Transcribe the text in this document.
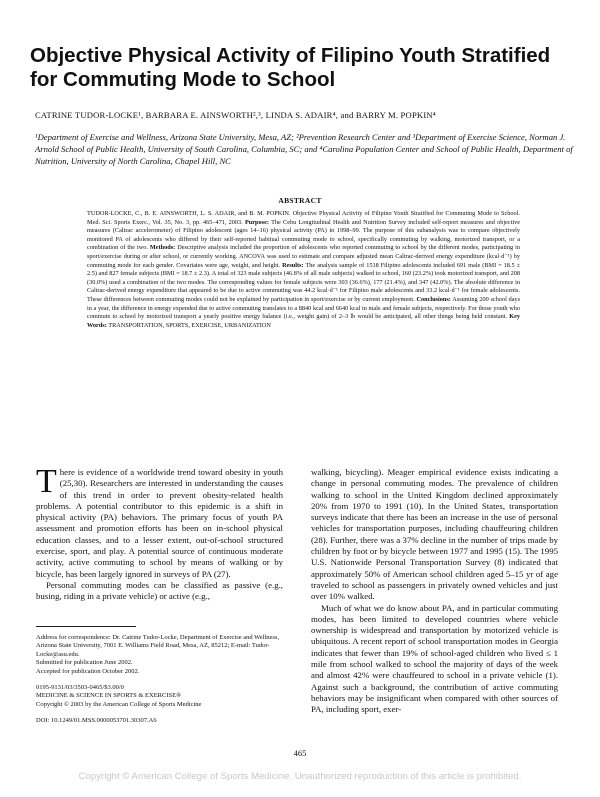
Objective Physical Activity of Filipino Youth Stratified for Commuting Mode to School
CATRINE TUDOR-LOCKE¹, BARBARA E. AINSWORTH²,³, LINDA S. ADAIR⁴, and BARRY M. POPKIN⁴
¹Department of Exercise and Wellness, Arizona State University, Mesa, AZ; ²Prevention Research Center and ³Department of Exercise Science, Norman J. Arnold School of Public Health, University of South Carolina, Columbia, SC; and ⁴Carolina Population Center and School of Public Health, Department of Nutrition, University of North Carolina, Chapel Hill, NC
ABSTRACT
TUDOR-LOCKE, C., B. E. AINSWORTH, L. S. ADAIR, and B. M. POPKIN. Objective Physical Activity of Filipino Youth Stratified for Commuting Mode to School. Med. Sci. Sports Exerc., Vol. 35, No. 3, pp. 465–471, 2003. Purpose: The Cebu Longitudinal Health and Nutrition Survey included self-report measures and objective measures (Caltrac accelerometer) of Filipino adolescent (ages 14–16) physical activity (PA) in 1998–99. The purpose of this subanalysis was to compare objectively monitored PA of adolescents who differed by their self-reported habitual commuting mode to school, specifically commuting by walking, motorized transport, or a combination of the two. Methods: Descriptive analysis included the proportion of adolescents who reported commuting to school by the different modes, participating in sport/exercise during or after school, or currently working. ANCOVA was used to estimate and compare adjusted mean Caltrac-derived energy expenditure (kcal·d⁻¹) by commuting mode for each gender. Covariates were age, weight, and height. Results: The analysis sample of 1518 Filipino adolescents included 691 male (BMI = 18.5 ± 2.5) and 827 female subjects (BMI = 18.7 ± 2.3). A total of 323 male subjects (46.8% of all male subjects) walked to school, 160 (23.2%) took motorized transport, and 208 (30.0%) used a combination of the two modes. The corresponding values for female subjects were 303 (36.6%), 177 (21.4%), and 347 (42.0%). The absolute difference in Caltrac-derived energy expenditure that appeared to be due to active commuting was 44.2 kcal·d⁻¹ for Filipino male adolescents and 33.2 kcal·d⁻¹ for female adolescents. These differences between commuting modes could not be explained by participation in sport/exercise or by current employment. Conclusions: Assuming 200 school days in a year, the difference in energy expended due to active commuting translates to a 8840 kcal and 6640 kcal in male and female subjects, respectively. For those youth who commute to school by motorized transport a yearly positive energy balance (i.e., weight gain) of 2–3 lb would be anticipated, all other things being held constant. Key Words: TRANSPORTATION, SPORTS, EXERCISE, URBANIZATION

There is evidence of a worldwide trend toward obesity in youth (25,30). Researchers are interested in understanding the causes of this trend in order to prevent obesity-related health problems. A potential contributor to this epidemic is a shift in physical activity (PA) behaviors. The primary focus of youth PA assessment and promotion efforts has been on in-school physical education classes, and to a lesser extent, out-of-school structured exercise, sport, and play. A potential source of continuous moderate activity, active commuting to school by means of walking or by bicycle, has been largely ignored in surveys of PA (27).

Personal commuting modes can be classified as passive (e.g., busing, riding in a private vehicle) or active (e.g.,

walking, bicycling). Meager empirical evidence exists indicating a change in personal commuting modes. The prevalence of children walking to school in the United Kingdom declined approximately 20% from 1970 to 1991 (10). In the United States, transportation surveys indicate that there has been an increase in the use of personal vehicles for transportation purposes, including chauffeuring children (28). Further, there was a 37% decline in the number of trips made by children by foot or by bicycle between 1977 and 1995 (15). The 1995 U.S. Nationwide Personal Transportation Survey (8) indicated that approximately 50% of American school children aged 5–15 yr of age traveled to school as passengers in privately owned vehicles and just over 10% walked.

Much of what we do know about PA, and in particular commuting modes, has been limited to developed countries where vehicle ownership is widespread and transportation by motorized vehicle is ubiquitous. A recent report of school transportation modes in Georgia indicates that fewer than 19% of school-aged children who lived ≤ 1 mile from school walked to school the majority of days of the week and almost 42% were chauffeured to school in a private vehicle (1). Against such a background, the contribution of active commuting behaviors may be insignificant when compared with other sources of PA, including sport, exer-

Address for correspondence: Dr. Catrine Tudor-Locke, Department of Exercise and Wellness, Arizona State University, 7001 E. Williams Field Road, Mesa, AZ, 85212; E-mail: Tudor-Locke@asu.edu.

Submitted for publication June 2002.

Accepted for publication October 2002.

0195-9131/03/3503-0465/$3.00/0

MEDICINE & SCIENCE IN SPORTS & EXERCISE®

Copyright © 2003 by the American College of Sports Medicine

DOI: 10.1249/01.MSS.0000053701.30307.A6

465
Copyright © American College of Sports Medicine. Unauthorized reproduction of this article is prohibited.
